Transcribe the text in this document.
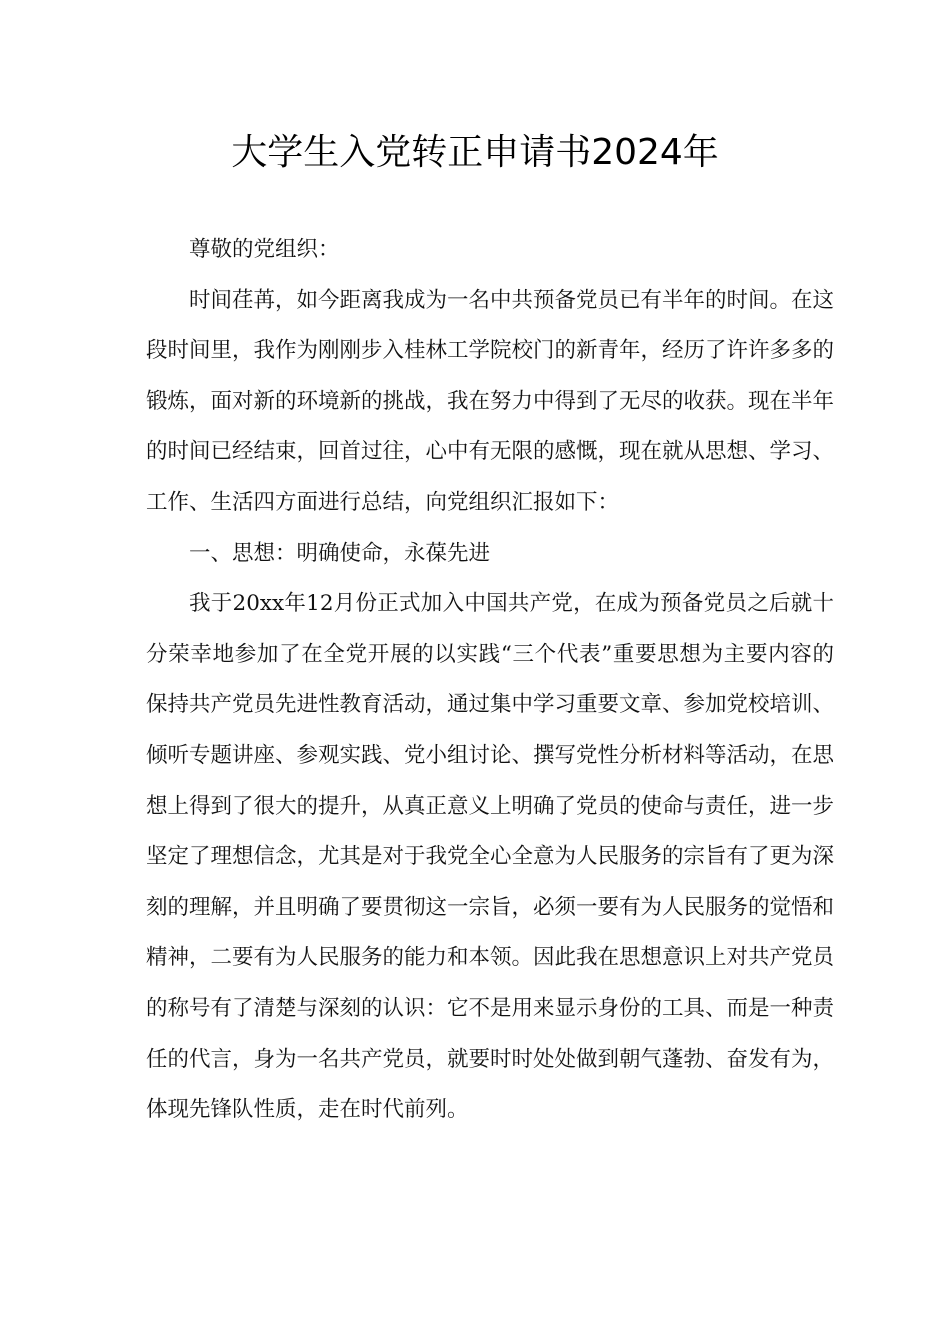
大学生入党转正申请书2024年

尊敬的党组织：

时间荏苒，如今距离我成为一名中共预备党员已有半年的时间。在这段时间里，我作为刚刚步入桂林工学院校门的新青年，经历了许许多多的锻炼，面对新的环境新的挑战，我在努力中得到了无尽的收获。现在半年的时间已经结束，回首过往，心中有无限的感慨，现在就从思想、学习、工作、生活四方面进行总结，向党组织汇报如下：

一、思想：明确使命，永葆先进

我于20xx年12月份正式加入中国共产党，在成为预备党员之后就十分荣幸地参加了在全党开展的以实践“三个代表”重要思想为主要内容的保持共产党员先进性教育活动，通过集中学习重要文章、参加党校培训、倾听专题讲座、参观实践、党小组讨论、撰写党性分析材料等活动，在思想上得到了很大的提升，从真正意义上明确了党员的使命与责任，进一步坚定了理想信念，尤其是对于我党全心全意为人民服务的宗旨有了更为深刻的理解，并且明确了要贯彻这一宗旨，必须一要有为人民服务的觉悟和精神，二要有为人民服务的能力和本领。因此我在思想意识上对共产党员的称号有了清楚与深刻的认识：它不是用来显示身份的工具、而是一种责任的代言，身为一名共产党员，就要时时处处做到朝气蓬勃、奋发有为，体现先锋队性质，走在时代前列。
